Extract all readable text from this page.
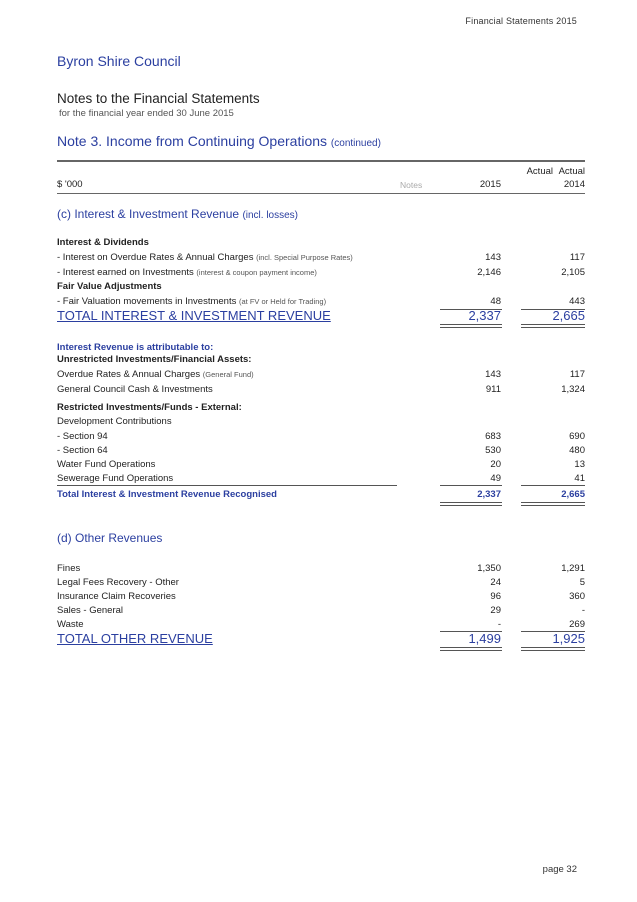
Financial Statements 2015
Byron Shire Council
Notes to the Financial Statements
for the financial year ended 30 June 2015
Note 3. Income from Continuing Operations (continued)
Actual Actual
$ '000	Notes	2015	2014
(c) Interest & Investment Revenue (incl. losses)
Interest & Dividends
- Interest on Overdue Rates & Annual Charges (incl. Special Purpose Rates)	143	117
- Interest earned on Investments (interest & coupon payment income)	2,146	2,105
Fair Value Adjustments
- Fair Valuation movements in Investments (at FV or Held for Trading)	48	443
TOTAL INTEREST & INVESTMENT REVENUE	2,337	2,665
Interest Revenue is attributable to:
Unrestricted Investments/Financial Assets:
Overdue Rates & Annual Charges (General Fund)	143	117
General Council Cash & Investments	911	1,324
Restricted Investments/Funds - External:
Development Contributions
- Section 94	683	690
- Section 64	530	480
Water Fund Operations	20	13
Sewerage Fund Operations	49	41
Total Interest & Investment Revenue Recognised	2,337	2,665
(d) Other Revenues
Fines	1,350	1,291
Legal Fees Recovery - Other	24	5
Insurance Claim Recoveries	96	360
Sales - General	29	-
Waste	-	269
TOTAL OTHER REVENUE	1,499	1,925
page 32
